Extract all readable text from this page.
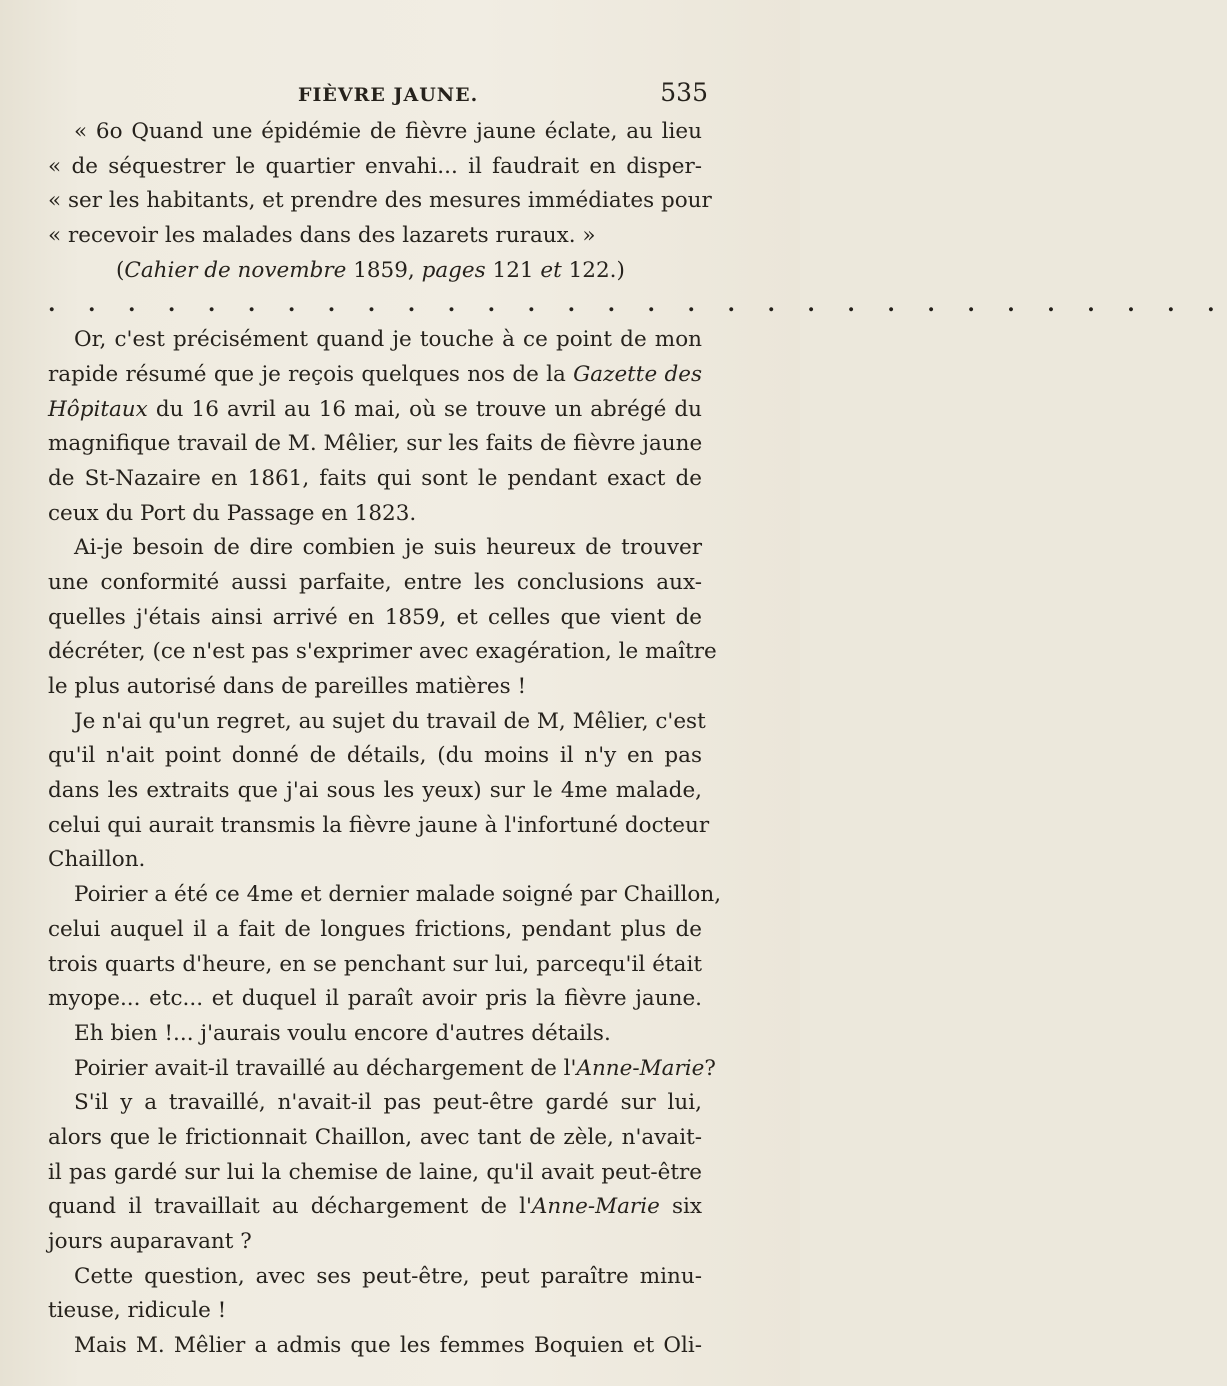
FIÈVRE JAUNE.	535
« 6o Quand une épidémie de fièvre jaune éclate, au lieu
« de séquestrer le quartier envahi... il faudrait en disper-
« ser les habitants, et prendre des mesures immédiates pour
« recevoir les malades dans des lazarets ruraux. »
(Cahier de novembre 1859, pages 121 et 122.)
. . . . . . . . . . . . . . . . . . . . . . . . . . . . . .
Or, c'est précisément quand je touche à ce point de mon
rapide résumé que je reçois quelques nos de la Gazette des
Hôpitaux du 16 avril au 16 mai, où se trouve un abrégé du
magnifique travail de M. Mêlier, sur les faits de fièvre jaune
de St-Nazaire en 1861, faits qui sont le pendant exact de
ceux du Port du Passage en 1823.
Ai-je besoin de dire combien je suis heureux de trouver
une conformité aussi parfaite, entre les conclusions aux-
quelles j'étais ainsi arrivé en 1859, et celles que vient de
décréter, (ce n'est pas s'exprimer avec exagération, le maître
le plus autorisé dans de pareilles matières !
Je n'ai qu'un regret, au sujet du travail de M, Mêlier, c'est
qu'il n'ait point donné de détails, (du moins il n'y en pas
dans les extraits que j'ai sous les yeux) sur le 4me malade,
celui qui aurait transmis la fièvre jaune à l'infortuné docteur
Chaillon.
Poirier a été ce 4me et dernier malade soigné par Chaillon,
celui auquel il a fait de longues frictions, pendant plus de
trois quarts d'heure, en se penchant sur lui, parcequ'il était
myope... etc... et duquel il paraît avoir pris la fièvre jaune.
Eh bien !... j'aurais voulu encore d'autres détails.
Poirier avait-il travaillé au déchargement de l'Anne-Marie?
S'il y a travaillé, n'avait-il pas peut-être gardé sur lui,
alors que le frictionnait Chaillon, avec tant de zèle, n'avait-
il pas gardé sur lui la chemise de laine, qu'il avait peut-être
quand il travaillait au déchargement de l'Anne-Marie six
jours auparavant ?
Cette question, avec ses peut-être, peut paraître minu-
tieuse, ridicule !
Mais M. Mêlier a admis que les femmes Boquien et Oli-
